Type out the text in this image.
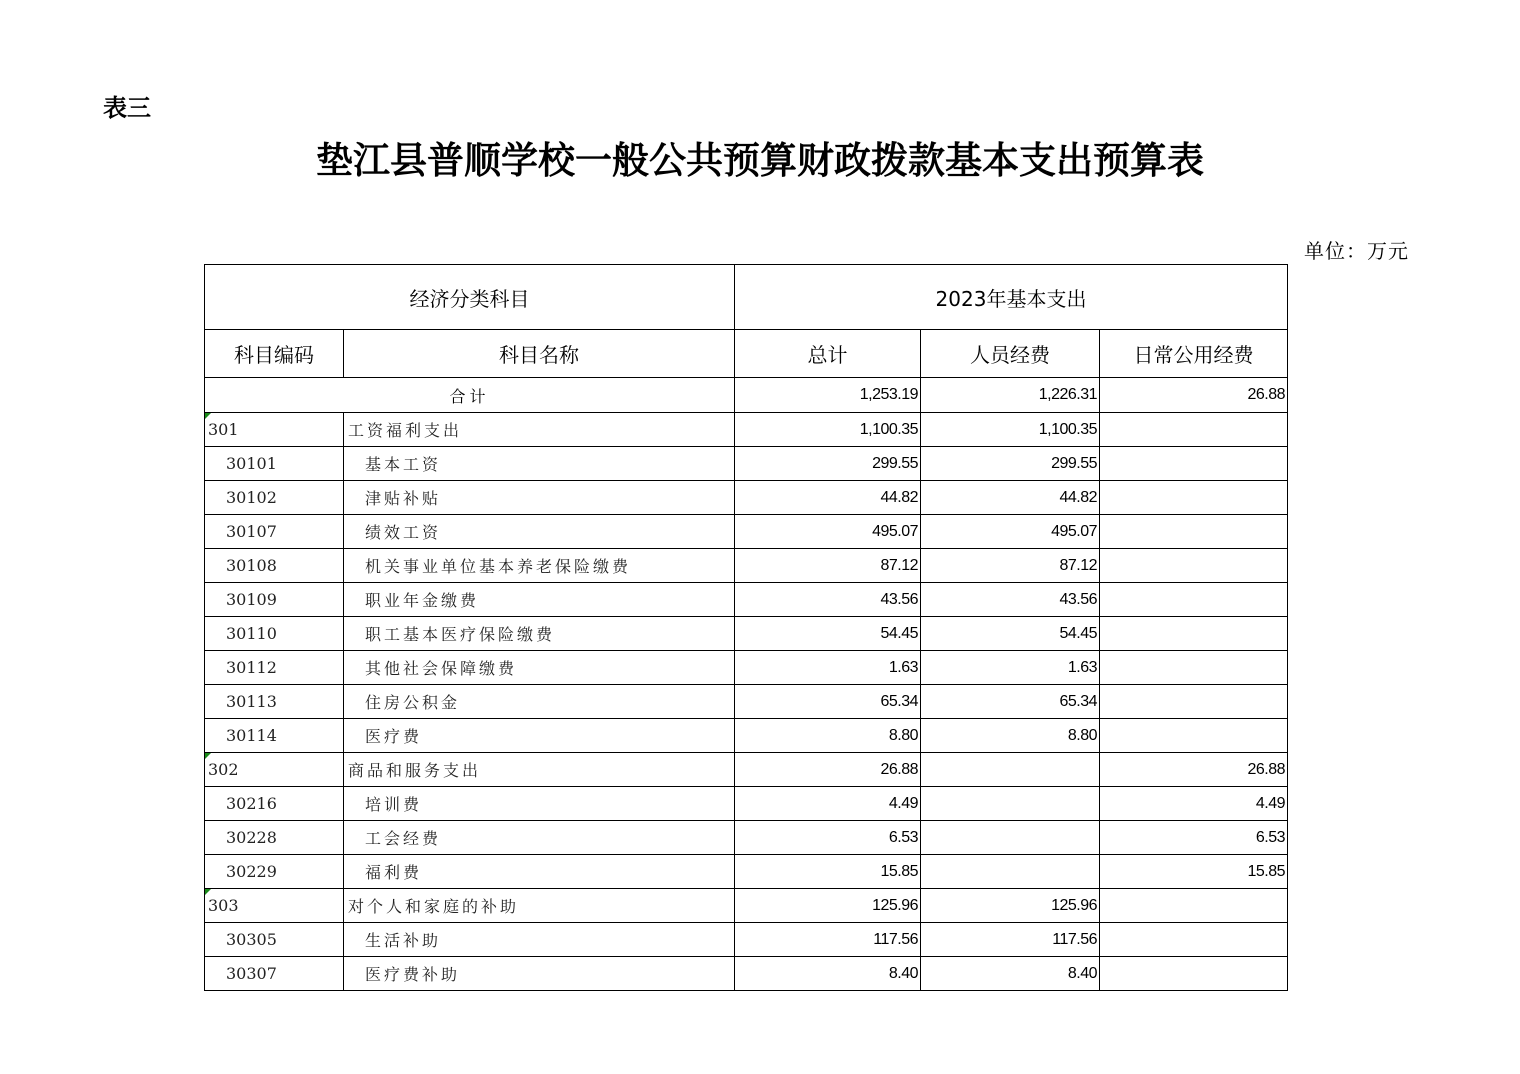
表三
垫江县普顺学校一般公共预算财政拨款基本支出预算表
单位：万元
经济分类科目		2023年基本支出		
科目编码	科目名称	总计	人员经费	日常公用经费
合计		1,253.19	1,226.31	26.88

301	工资福利支出	1,100.35	1,100.35	
30101	基本工资	299.55	299.55	
30102	津贴补贴	44.82	44.82	
30107	绩效工资	495.07	495.07	
30108	机关事业单位基本养老保险缴费	87.12	87.12	
30109	职业年金缴费	43.56	43.56	
30110	职工基本医疗保险缴费	54.45	54.45	
30112	其他社会保障缴费	1.63	1.63	
30113	住房公积金	65.34	65.34	
30114	医疗费	8.80	8.80	

302	商品和服务支出	26.88		26.88
30216	培训费	4.49		4.49
30228	工会经费	6.53		6.53
30229	福利费	15.85		15.85

303	对个人和家庭的补助	125.96	125.96	
30305	生活补助	117.56	117.56	
30307	医疗费补助	8.40	8.40	
